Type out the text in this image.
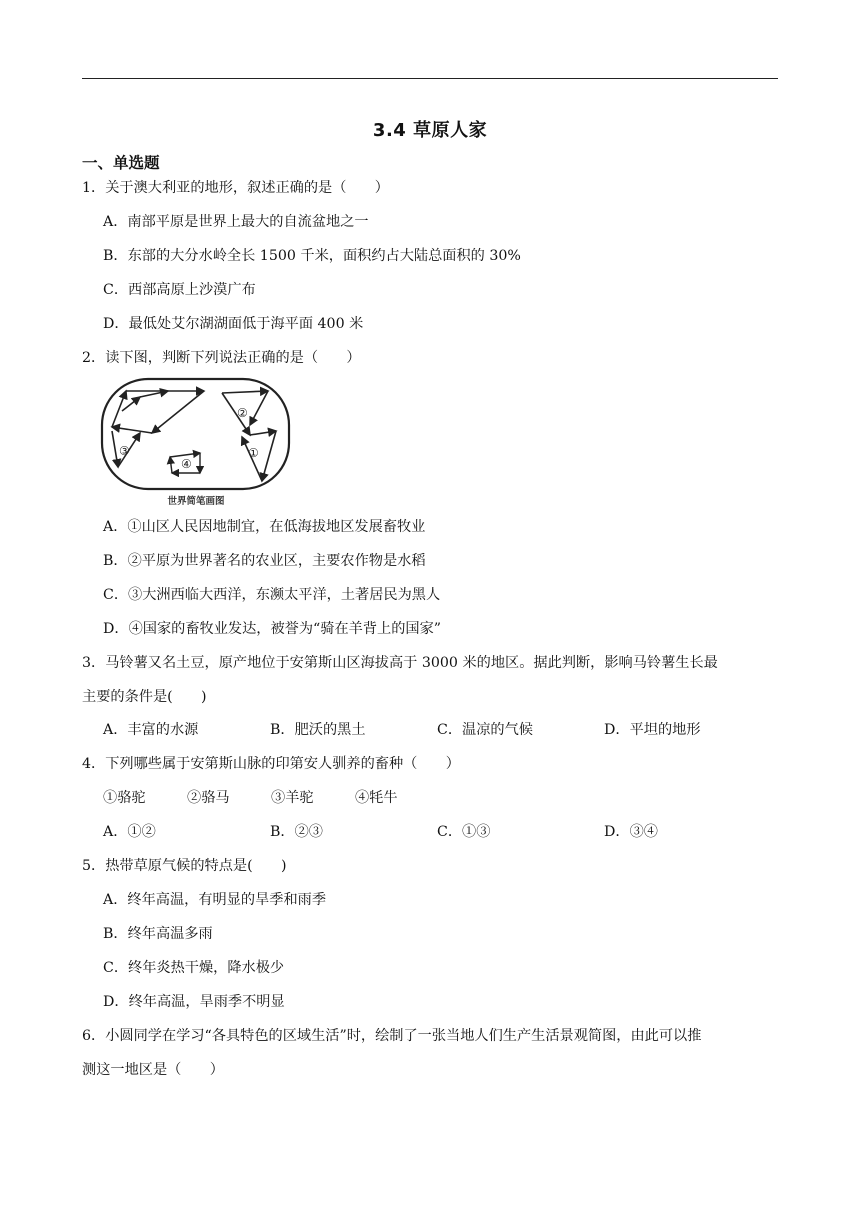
3.4 草原人家
一、单选题
1．关于澳大利亚的地形，叙述正确的是（　　）
A．南部平原是世界上最大的自流盆地之一
B．东部的大分水岭全长 1500 千米，面积约占大陆总面积的 30%
C．西部高原上沙漠广布
D．最低处艾尔湖湖面低于海平面 400 米
2．读下图，判断下列说法正确的是（　　）
②
③
④
①
世界简笔画图
A．①山区人民因地制宜，在低海拔地区发展畜牧业
B．②平原为世界著名的农业区，主要农作物是水稻
C．③大洲西临大西洋，东濒太平洋，土著居民为黑人
D．④国家的畜牧业发达，被誉为“骑在羊背上的国家”
3．马铃薯又名土豆，原产地位于安第斯山区海拔高于 3000 米的地区。据此判断，影响马铃薯生长最
主要的条件是(　　)
A．丰富的水源	B．肥沃的黑土	C．温凉的气候	D．平坦的地形
4．下列哪些属于安第斯山脉的印第安人驯养的畜种（　　）
①骆驼	②骆马	③羊驼	④牦牛
A．①②	B．②③	C．①③	D．③④
5．热带草原气候的特点是(　　)
A．终年高温，有明显的旱季和雨季
B．终年高温多雨
C．终年炎热干燥，降水极少
D．终年高温，旱雨季不明显
6．小圆同学在学习“各具特色的区域生活”时，绘制了一张当地人们生产生活景观简图，由此可以推
测这一地区是（　　）
